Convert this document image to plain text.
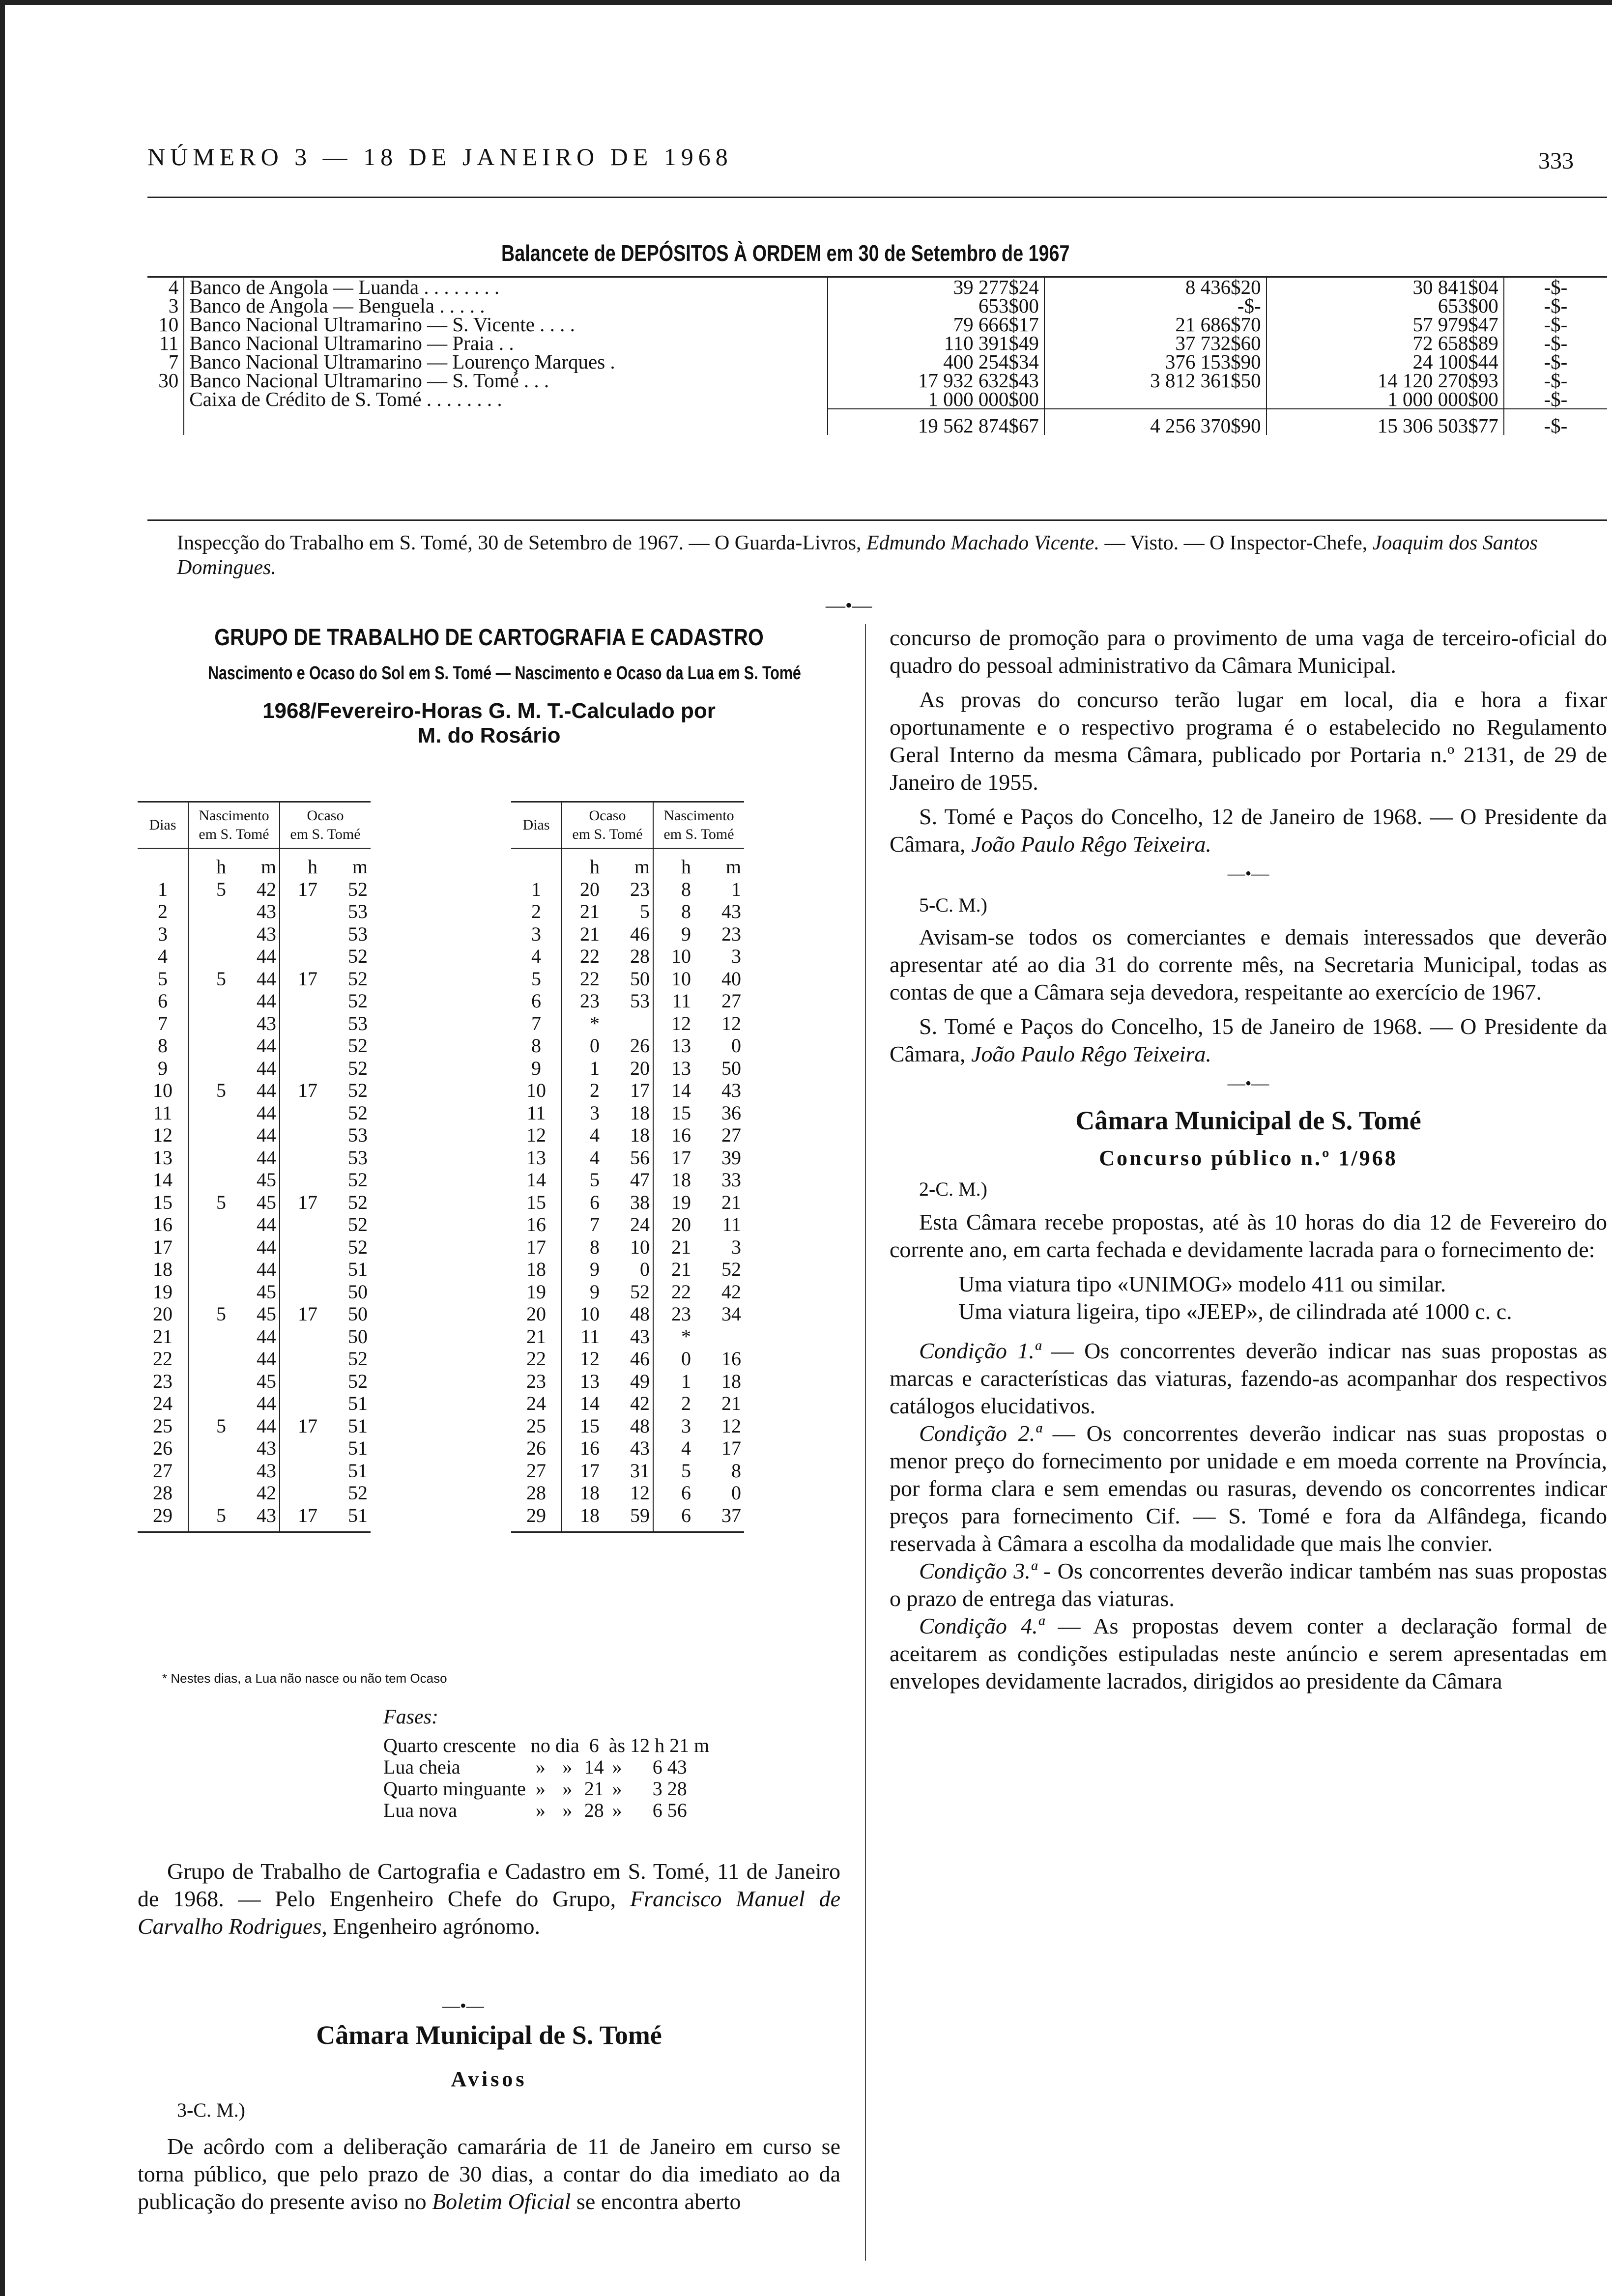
NÚMERO 3 — 18 DE JANEIRO DE 1968	333
Balancete de DEPÓSITOS À ORDEM em 30 de Setembro de 1967
4	Banco de Angola — Luanda . . . . . . . .	39 277$24	8 436$20	30 841$04	-$-
3	Banco de Angola — Benguela . . . . .	653$00	-$-	653$00	-$-
10	Banco Nacional Ultramarino — S. Vicente . . . .	79 666$17	21 686$70	57 979$47	-$-
11	Banco Nacional Ultramarino — Praia . .	110 391$49	37 732$60	72 658$89	-$-
7	Banco Nacional Ultramarino — Lourenço Marques .	400 254$34	376 153$90	24 100$44	-$-
30	Banco Nacional Ultramarino — S. Tomé . . .	17 932 632$43	3 812 361$50	14 120 270$93	-$-
	Caixa de Crédito de S. Tomé . . . . . . . .	1 000 000$00		1 000 000$00	-$-
		19 562 874$67	4 256 370$90	15 306 503$77	-$-
Inspecção do Trabalho em S. Tomé, 30 de Setembro de 1967. — O Guarda-Livros, Edmundo Machado Vicente. — Visto. — O Inspector-Chefe, Joaquim dos Santos Domingues.
—•—
GRUPO DE TRABALHO DE CARTOGRAFIA E CADASTRO
Nascimento e Ocaso do Sol em S. Tomé — Nascimento e Ocaso da Lua em S. Tomé
1968/Fevereiro-Horas G. M. T.-Calculado por
M. do Rosário
Dias	Nascimento
em S. Tomé		Ocaso
em S. Tomé	
	h	m	h	m
1	5	42	17	52
2		43		53
3		43		53
4		44		52
5	5	44	17	52
6		44		52
7		43		53
8		44		52
9		44		52
10	5	44	17	52
11		44		52
12		44		53
13		44		53
14		45		52
15	5	45	17	52
16		44		52
17		44		52
18		44		51
19		45		50
20	5	45	17	50
21		44		50
22		44		52
23		45		52
24		44		51
25	5	44	17	51
26		43		51
27		43		51
28		42		52
29	5	43	17	51
Dias	Ocaso
em S. Tomé		Nascimento
em S. Tomé	
	h	m	h	m
1	20	23	8	1
2	21	5	8	43
3	21	46	9	23
4	22	28	10	3
5	22	50	10	40
6	23	53	11	27
7	*		12	12
8	0	26	13	0
9	1	20	13	50
10	2	17	14	43
11	3	18	15	36
12	4	18	16	27
13	4	56	17	39
14	5	47	18	33
15	6	38	19	21
16	7	24	20	11
17	8	10	21	3
18	9	0	21	52
19	9	52	22	42
20	10	48	23	34
21	11	43	*	
22	12	46	0	16
23	13	49	1	18
24	14	42	2	21
25	15	48	3	12
26	16	43	4	17
27	17	31	5	8
28	18	12	6	0
29	18	59	6	37
* Nestes dias, a Lua não nasce ou não tem Ocaso
Fases:
Quarto crescente	no	dia	6	às	12 h 21 m
Lua cheia	»	»	14	»	6 43
Quarto minguante	»	»	21	»	3 28
Lua nova	»	»	28	»	6 56

Grupo de Trabalho de Cartografia e Cadastro em S. Tomé, 11 de Janeiro de 1968. — Pelo Engenheiro Chefe do Grupo, Francisco Manuel de Carvalho Rodrigues, Engenheiro agrónomo.

—•—
Câmara Municipal de S. Tomé
Avisos
3-C. M.)

De acôrdo com a deliberação camarária de 11 de Janeiro em curso se torna público, que pelo prazo de 30 dias, a contar do dia imediato ao da publicação do presente aviso no Boletim Oficial se encontra aberto

concurso de promoção para o provimento de uma vaga de terceiro-oficial do quadro do pessoal administrativo da Câmara Municipal.

As provas do concurso terão lugar em local, dia e hora a fixar oportunamente e o respectivo programa é o estabelecido no Regulamento Geral Interno da mesma Câmara, publicado por Portaria n.º 2131, de 29 de Janeiro de 1955.

S. Tomé e Paços do Concelho, 12 de Janeiro de 1968. — O Presidente da Câmara, João Paulo Rêgo Teixeira.

—•—
5-C. M.)

Avisam-se todos os comerciantes e demais interessados que deverão apresentar até ao dia 31 do corrente mês, na Secretaria Municipal, todas as contas de que a Câmara seja devedora, respeitante ao exercício de 1967.

S. Tomé e Paços do Concelho, 15 de Janeiro de 1968. — O Presidente da Câmara, João Paulo Rêgo Teixeira.

—•—
Câmara Municipal de S. Tomé
Concurso público n.º 1/968
2-C. M.)

Esta Câmara recebe propostas, até às 10 horas do dia 12 de Fevereiro do corrente ano, em carta fechada e devidamente lacrada para o fornecimento de:

Uma viatura tipo «UNIMOG» modelo 411 ou similar.

Uma viatura ligeira, tipo «JEEP», de cilindrada até 1000 c. c.

Condição 1.ª — Os concorrentes deverão indicar nas suas propostas as marcas e características das viaturas, fazendo-as acompanhar dos respectivos catálogos elucidativos.

Condição 2.ª — Os concorrentes deverão indicar nas suas propostas o menor preço do fornecimento por unidade e em moeda corrente na Província, por forma clara e sem emendas ou rasuras, devendo os concorrentes indicar preços para fornecimento Cif. — S. Tomé e fora da Alfândega, ficando reservada à Câmara a escolha da modalidade que mais lhe convier.

Condição 3.ª - Os concorrentes deverão indicar também nas suas propostas o prazo de entrega das viaturas.

Condição 4.ª — As propostas devem conter a declaração formal de aceitarem as condições estipuladas neste anúncio e serem apresentadas em envelopes devidamente lacrados, dirigidos ao presidente da Câmara
